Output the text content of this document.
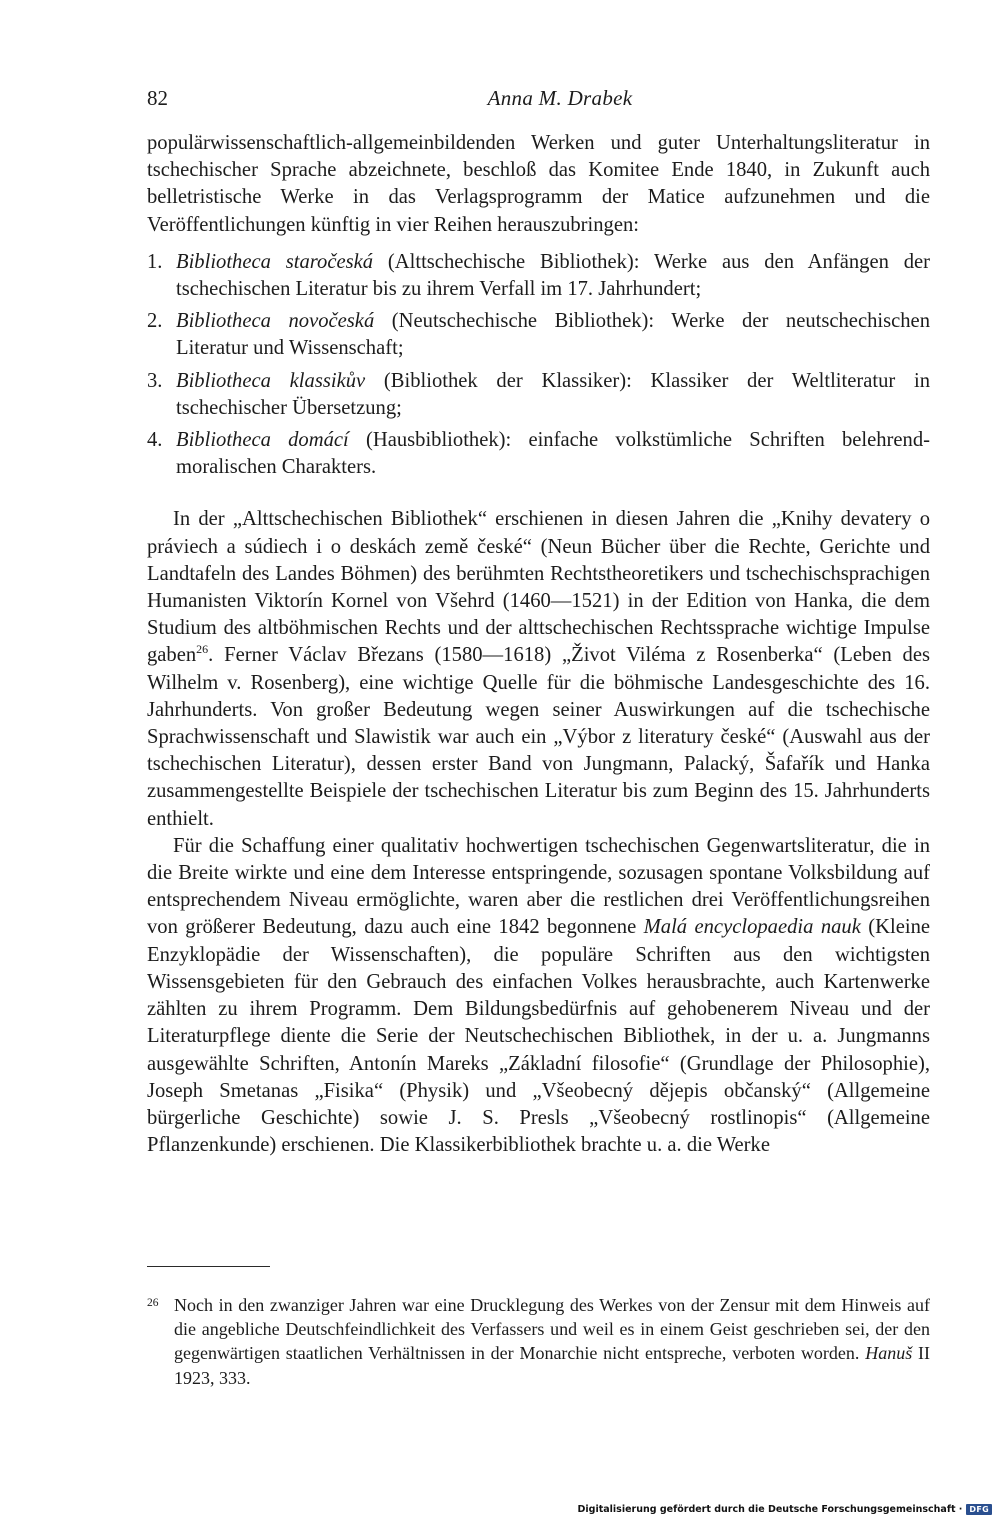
82	Anna M. Drabek

populärwissenschaftlich-allgemeinbildenden Werken und guter Unterhaltungsliteratur in tschechischer Sprache abzeichnete, beschloß das Komitee Ende 1840, in Zukunft auch belletristische Werke in das Verlagsprogramm der Matice aufzunehmen und die Veröffentlichungen künftig in vier Reihen herauszubringen:

1. Bibliotheca staročeská (Alttschechische Bibliothek): Werke aus den Anfängen der tschechischen Literatur bis zu ihrem Verfall im 17. Jahrhundert;
2. Bibliotheca novočeská (Neutschechische Bibliothek): Werke der neutschechischen Literatur und Wissenschaft;
3. Bibliotheca klassikův (Bibliothek der Klassiker): Klassiker der Weltliteratur in tschechischer Übersetzung;
4. Bibliotheca domácí (Hausbibliothek): einfache volkstümliche Schriften belehrend-moralischen Charakters.

In der „Alttschechischen Bibliothek“ erschienen in diesen Jahren die „Knihy devatery o práviech a súdiech i o deskách země české“ (Neun Bücher über die Rechte, Gerichte und Landtafeln des Landes Böhmen) des berühmten Rechtstheoretikers und tschechischsprachigen Humanisten Viktorín Kornel von Všehrd (1460—1521) in der Edition von Hanka, die dem Studium des altböhmischen Rechts und der alttschechischen Rechtssprache wichtige Impulse gaben$^{26}$. Ferner Václav Březans (1580—1618) „Život Viléma z Rosenberka“ (Leben des Wilhelm v. Rosenberg), eine wichtige Quelle für die böhmische Landesgeschichte des 16. Jahrhunderts. Von großer Bedeutung wegen seiner Auswirkungen auf die tschechische Sprachwissenschaft und Slawistik war auch ein „Výbor z literatury české“ (Auswahl aus der tschechischen Literatur), dessen erster Band von Jungmann, Palacký, Šafařík und Hanka zusammengestellte Beispiele der tschechischen Literatur bis zum Beginn des 15. Jahrhunderts enthielt.

Für die Schaffung einer qualitativ hochwertigen tschechischen Gegenwartsliteratur, die in die Breite wirkte und eine dem Interesse entspringende, sozusagen spontane Volksbildung auf entsprechendem Niveau ermöglichte, waren aber die restlichen drei Veröffentlichungsreihen von größerer Bedeutung, dazu auch eine 1842 begonnene Malá encyclopaedia nauk (Kleine Enzyklopädie der Wissenschaften), die populäre Schriften aus den wichtigsten Wissensgebieten für den Gebrauch des einfachen Volkes herausbrachte, auch Kartenwerke zählten zu ihrem Programm. Dem Bildungsbedürfnis auf gehobenerem Niveau und der Literaturpflege diente die Serie der Neutschechischen Bibliothek, in der u. a. Jungmanns ausgewählte Schriften, Antonín Mareks „Základní filosofie“ (Grundlage der Philosophie), Joseph Smetanas „Fisika“ (Physik) und „Všeobecný dějepis občanský“ (Allgemeine bürgerliche Geschichte) sowie J. S. Presls „Všeobecný rostlinopis“ (Allgemeine Pflanzenkunde) erschienen. Die Klassikerbibliothek brachte u. a. die Werke

26 Noch in den zwanziger Jahren war eine Drucklegung des Werkes von der Zensur mit dem Hinweis auf die angebliche Deutschfeindlichkeit des Verfassers und weil es in einem Geist geschrieben sei, der den gegenwärtigen staatlichen Verhältnissen in der Monarchie nicht entspreche, verboten worden. Hanuš II 1923, 333.

Digitalisierung gefördert durch die Deutsche Forschungsgemeinschaft · DFG
